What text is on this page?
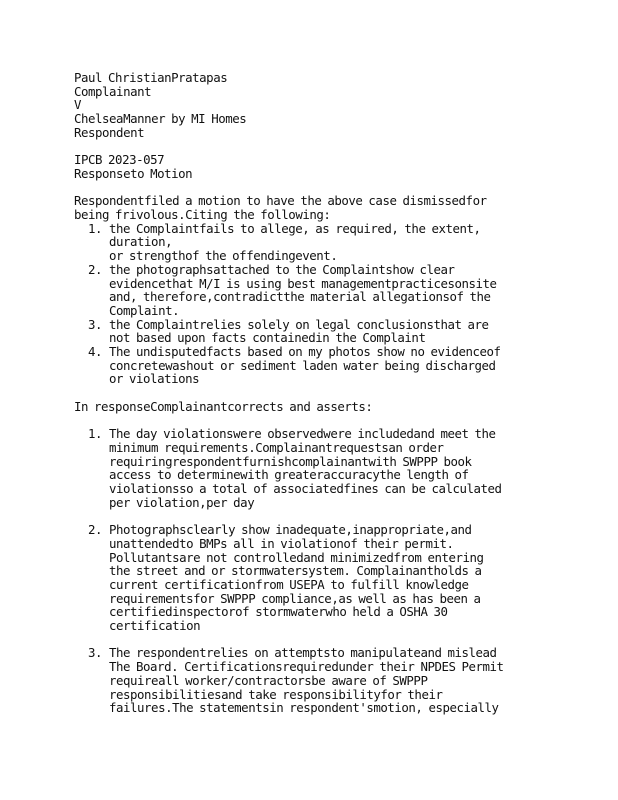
Paul ChristianPratapas
Complainant
V
ChelseaManner by MI Homes
Respondent
IPCB 2023-057
Responseto Motion
Respondentfiled a motion to have the above case dismissedfor
being frivolous.Citing the following:
1. the Complaintfails to allege, as required, the extent,
duration,
or strengthof the offendingevent.
2. the photographsattached to the Complaintshow clear
evidencethat M/I is using best managementpracticesonsite
and, therefore,contradictthe material allegationsof the
Complaint.
3. the Complaintrelies solely on legal conclusionsthat are
not based upon facts containedin the Complaint
4. The undisputedfacts based on my photos show no evidenceof
concretewashout or sediment laden water being discharged
or violations
In responseComplainantcorrects and asserts:
1. The day violationswere observedwere includedand meet the
minimum requirements.Complainantrequestsan order
requiringrespondentfurnishcomplainantwith SWPPP book
access to determinewith greateraccuracythe length of
violationsso a total of associatedfines can be calculated
per violation,per day
2. Photographsclearly show inadequate,inappropriate,and
unattendedto BMPs all in violationof their permit.
Pollutantsare not controlledand minimizedfrom entering
the street and or stormwatersystem. Complainantholds a
current certificationfrom USEPA to fulfill knowledge
requirementsfor SWPPP compliance,as well as has been a
certifiedinspectorof stormwaterwho held a OSHA 30
certification
3. The respondentrelies on attemptsto manipulateand mislead
The Board. Certificationsrequiredunder their NPDES Permit
requireall worker/contractorsbe aware of SWPPP
responsibilitiesand take responsibilityfor their
failures.The statementsin respondent'smotion, especially
